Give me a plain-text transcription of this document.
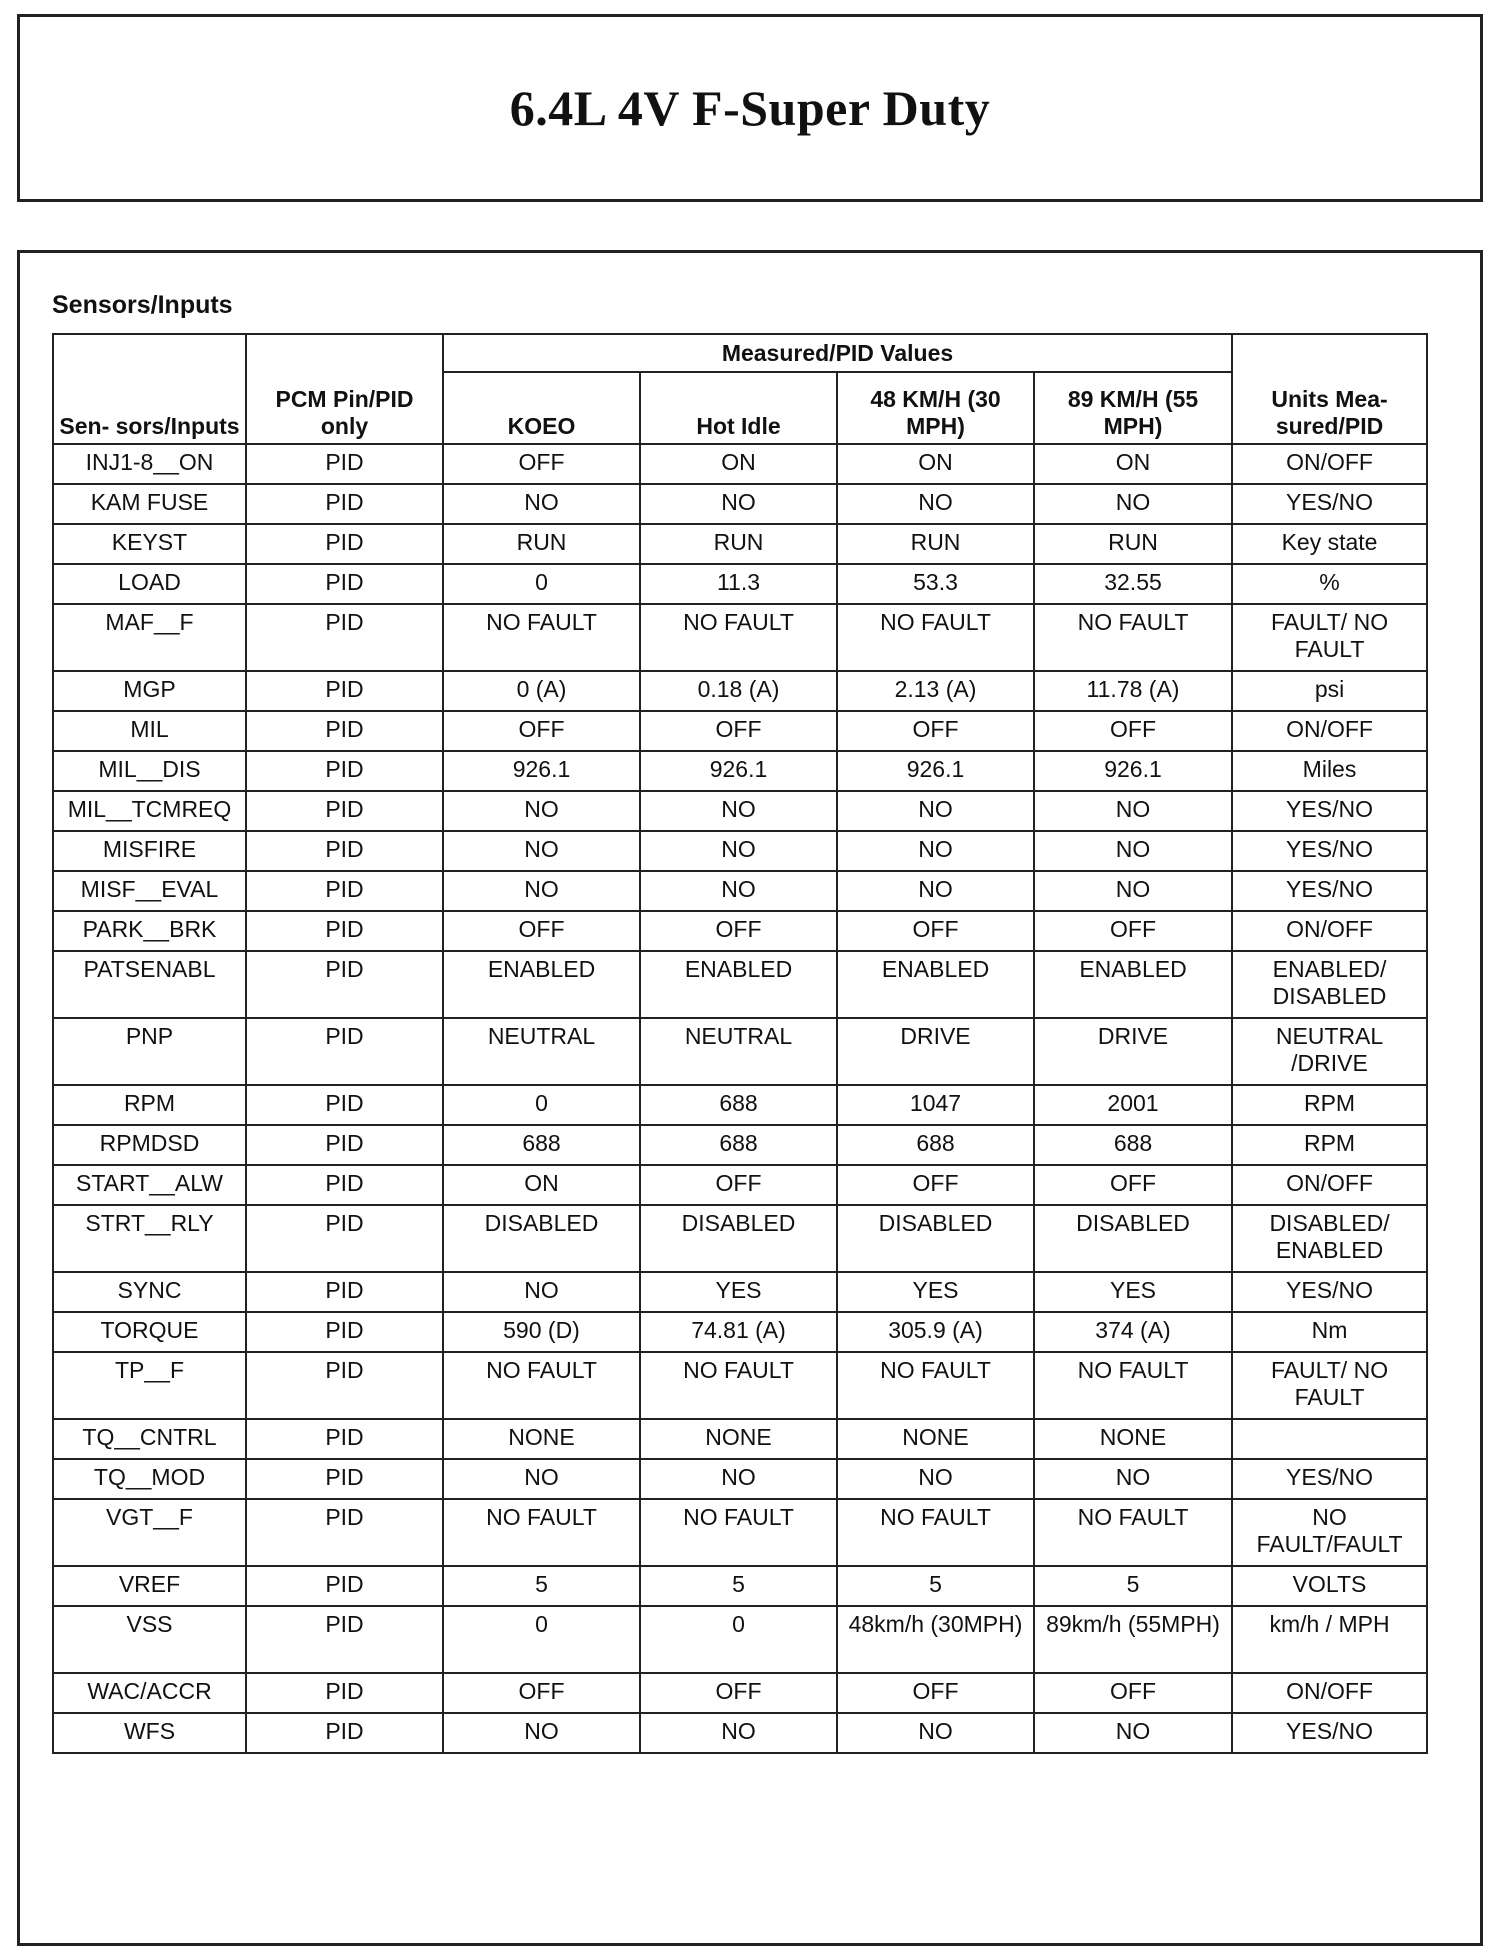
6.4L 4V F-Super Duty
Sensors/Inputs
Sen- sors/Inputs	PCM Pin/PID only	Measured/PID Values				Units Mea- sured/PID
		KOEO	Hot Idle	48 KM/H (30 MPH)	89 KM/H (55 MPH)	
INJ1-8__ON	PID	OFF	ON	ON	ON	ON/OFF
KAM FUSE	PID	NO	NO	NO	NO	YES/NO
KEYST	PID	RUN	RUN	RUN	RUN	Key state
LOAD	PID	0	11.3	53.3	32.55	%
MAF__F	PID	NO FAULT	NO FAULT	NO FAULT	NO FAULT	FAULT/ NO FAULT
MGP	PID	0 (A)	0.18 (A)	2.13 (A)	11.78 (A)	psi
MIL	PID	OFF	OFF	OFF	OFF	ON/OFF
MIL__DIS	PID	926.1	926.1	926.1	926.1	Miles
MIL__TCMREQ	PID	NO	NO	NO	NO	YES/NO
MISFIRE	PID	NO	NO	NO	NO	YES/NO
MISF__EVAL	PID	NO	NO	NO	NO	YES/NO
PARK__BRK	PID	OFF	OFF	OFF	OFF	ON/OFF
PATSENABL	PID	ENABLED	ENABLED	ENABLED	ENABLED	ENABLED/ DISABLED
PNP	PID	NEUTRAL	NEUTRAL	DRIVE	DRIVE	NEUTRAL /DRIVE
RPM	PID	0	688	1047	2001	RPM
RPMDSD	PID	688	688	688	688	RPM
START__ALW	PID	ON	OFF	OFF	OFF	ON/OFF
STRT__RLY	PID	DISABLED	DISABLED	DISABLED	DISABLED	DISABLED/ ENABLED
SYNC	PID	NO	YES	YES	YES	YES/NO
TORQUE	PID	590 (D)	74.81 (A)	305.9 (A)	374 (A)	Nm
TP__F	PID	NO FAULT	NO FAULT	NO FAULT	NO FAULT	FAULT/ NO FAULT
TQ__CNTRL	PID	NONE	NONE	NONE	NONE	
TQ__MOD	PID	NO	NO	NO	NO	YES/NO
VGT__F	PID	NO FAULT	NO FAULT	NO FAULT	NO FAULT	NO FAULT/FAULT
VREF	PID	5	5	5	5	VOLTS
VSS	PID	0	0	48km/h (30MPH)	89km/h (55MPH)	km/h / MPH
WAC/ACCR	PID	OFF	OFF	OFF	OFF	ON/OFF
WFS	PID	NO	NO	NO	NO	YES/NO
